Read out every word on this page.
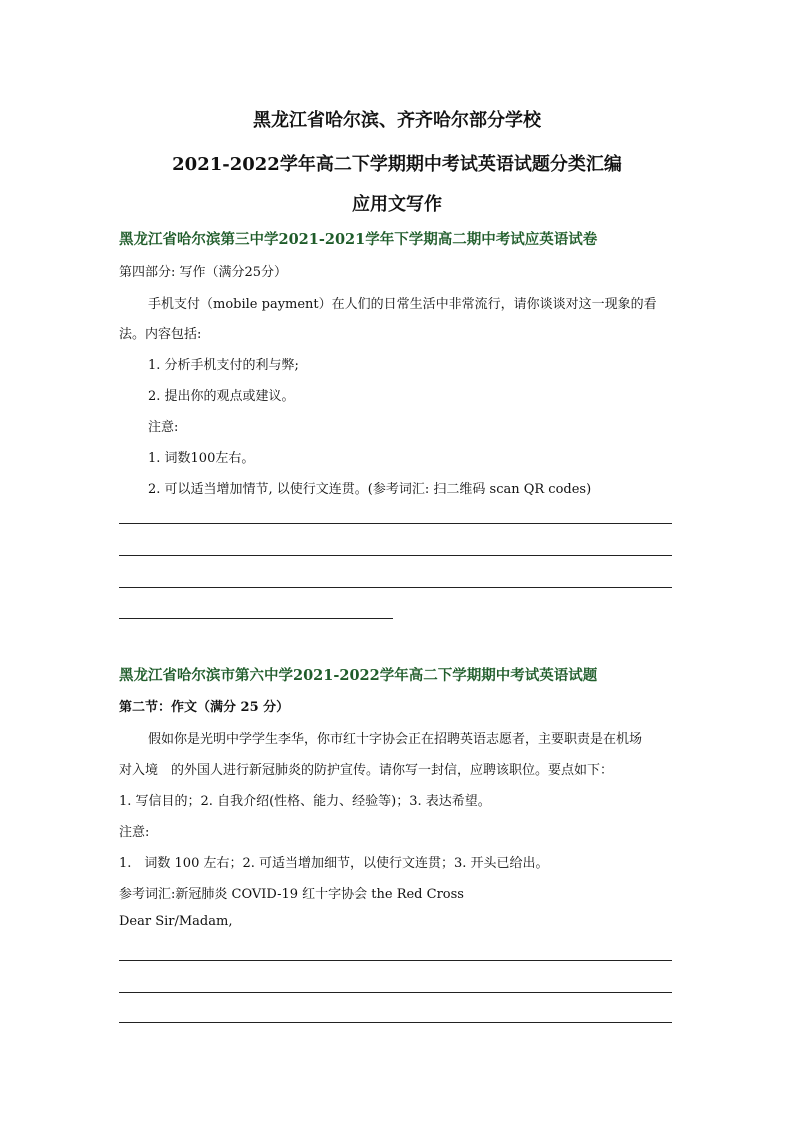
黑龙江省哈尔滨、齐齐哈尔部分学校
2021-2022学年高二下学期期中考试英语试题分类汇编
应用文写作
黑龙江省哈尔滨第三中学2021-2021学年下学期高二期中考试应英语试卷
第四部分: 写作（满分25分）
手机支付（mobile payment）在人们的日常生活中非常流行，请你谈谈对这一现象的看
法。内容包括:
1. 分析手机支付的利与弊;
2. 提出你的观点或建议。
注意:
1. 词数100左右。
2. 可以适当增加情节, 以使行文连贯。(参考词汇: 扫二维码 scan QR codes)
黑龙江省哈尔滨市第六中学2021-2022学年高二下学期期中考试英语试题
第二节：作文（满分 25 分）
假如你是光明中学学生李华，你市红十字协会正在招聘英语志愿者，主要职责是在机场
对入境　的外国人进行新冠肺炎的防护宣传。请你写一封信，应聘该职位。要点如下：
1. 写信目的；2. 自我介绍(性格、能力、经验等)；3. 表达希望。
注意:
1.　词数 100 左右；2. 可适当增加细节，以使行文连贯；3. 开头已给出。
参考词汇:新冠肺炎 COVID-19 红十字协会 the Red Cross
Dear Sir/Madam,
